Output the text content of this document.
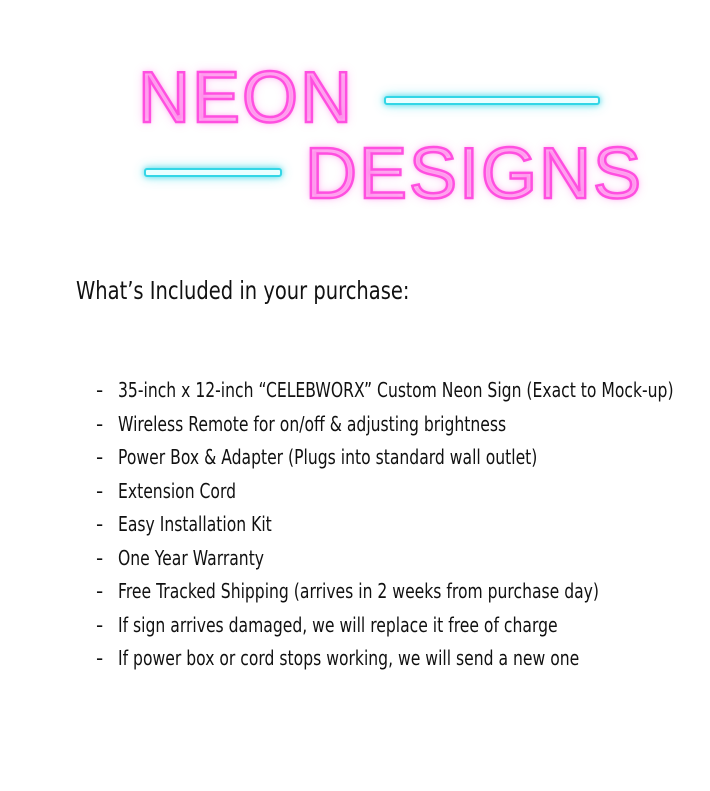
NEON
DESIGNS
What’s Included in your purchase:
- 35-inch x 12-inch “CELEBWORX” Custom Neon Sign (Exact to Mock-up)
- Wireless Remote for on/off & adjusting brightness
- Power Box & Adapter (Plugs into standard wall outlet)
- Extension Cord
- Easy Installation Kit
- One Year Warranty
- Free Tracked Shipping (arrives in 2 weeks from purchase day)
- If sign arrives damaged, we will replace it free of charge
- If power box or cord stops working, we will send a new one
